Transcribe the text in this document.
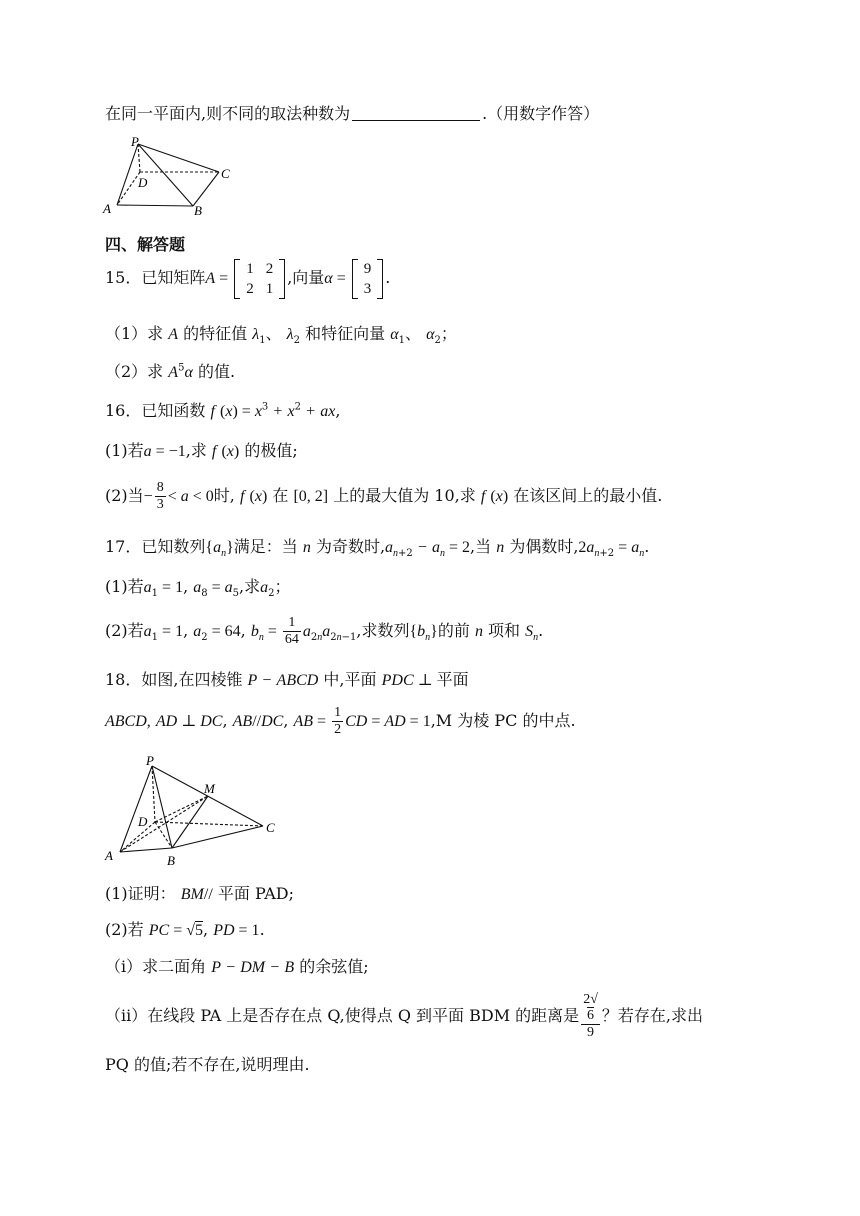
在同一平面内,则不同的取法种数为	.（用数字作答）
P
D
C
A	B
四、解答题
15．已知矩阵A =
1	2
2	1
,向量α =
9
3
.
（1）求 A 的特征值 $\lambda_1$、 $\lambda_2$ 和特征向量 $\alpha_1$、 $\alpha_2$；
（2）求 $A^5\alpha$ 的值.
16．已知函数 f $(x) = x^3 + x^2$ + ax,
(1)若a = −1,求 f (x) 的极值;
(2)当− $\frac{8}{3} < a < 0$时, f (x) 在 [0, 2] 上的最大值为 10,求 f (x) 在该区间上的最小值.
17．已知数列$\{a_n\}$满足：当 n 为奇数时$,a_{n+2} - a_n = 2$,当 n 为偶数时$,2a_{n+2} = a_n$.
(1)若$a_1 = 1$, $a_8 = a_5$,求$a_2$；
(2)若$a_1 = 1$, $a_2 = 64$, $b_n = \frac{1}{64} a_{2n}a_{2n-1}$,求数列$\{b_n\}$的前 n 项和 $S_n$.
18．如图,在四棱锥 P − ABCD 中,平面 PDC ⊥ 平面
ABCD, AD ⊥ DC, AB//DC, AB = $\frac{1}{2}$ CD = AD = 1,M 为棱 PC 的中点.
P
M
D	C
A	B
(1)证明： BM// 平面 PAD;
(2)若 PC = √5, PD = 1.
（i）求二面角 P − DM − B 的余弦值;
（ii）在线段 PA 上是否存在点 Q,使得点 Q 到平面 BDM 的距离是 2√
6
9 ？若存在,求出
PQ 的值;若不存在,说明理由.
